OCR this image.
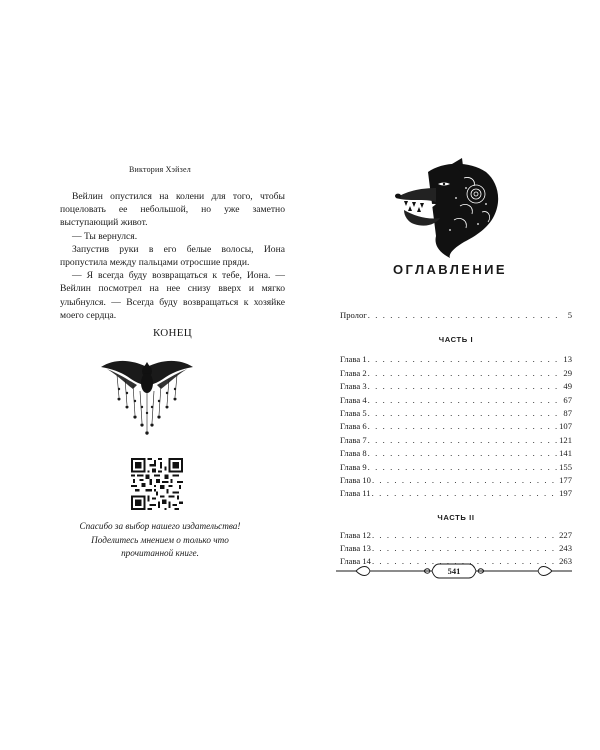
Виктория Хэйзел

Вейлин опустился на колени для того, чтобы поцеловать ее небольшой, но уже заметно выступающий живот.

— Ты вернулся.

Запустив руки в его белые волосы, Иона пропустила между пальцами отросшие пряди.

— Я всегда буду возвращаться к тебе, Иона. — Вейлин посмотрел на нее снизу вверх и мягко улыбнулся. — Всегда буду возвращаться к хозяйке моего сердца.

КОНЕЦ
Спасибо за выбор нашего издательства!
Поделитесь мнением о только что
прочитанной книге.
ОГЛАВЛЕНИЕ
Пролог . . .	5
ЧАСТЬ I
Глава 1 . . .	13
Глава 2 . . .	29
Глава 3 . . .	49
Глава 4 . . .	67
Глава 5 . . .	87
Глава 6 . . .	107
Глава 7 . . .	121
Глава 8 . . .	141
Глава 9 . . .	155
Глава 10 . . .	177
Глава 11 . . .	197
ЧАСТЬ II
Глава 12 . . .	227
Глава 13 . . .	243
Глава 14 . . .	263
541
